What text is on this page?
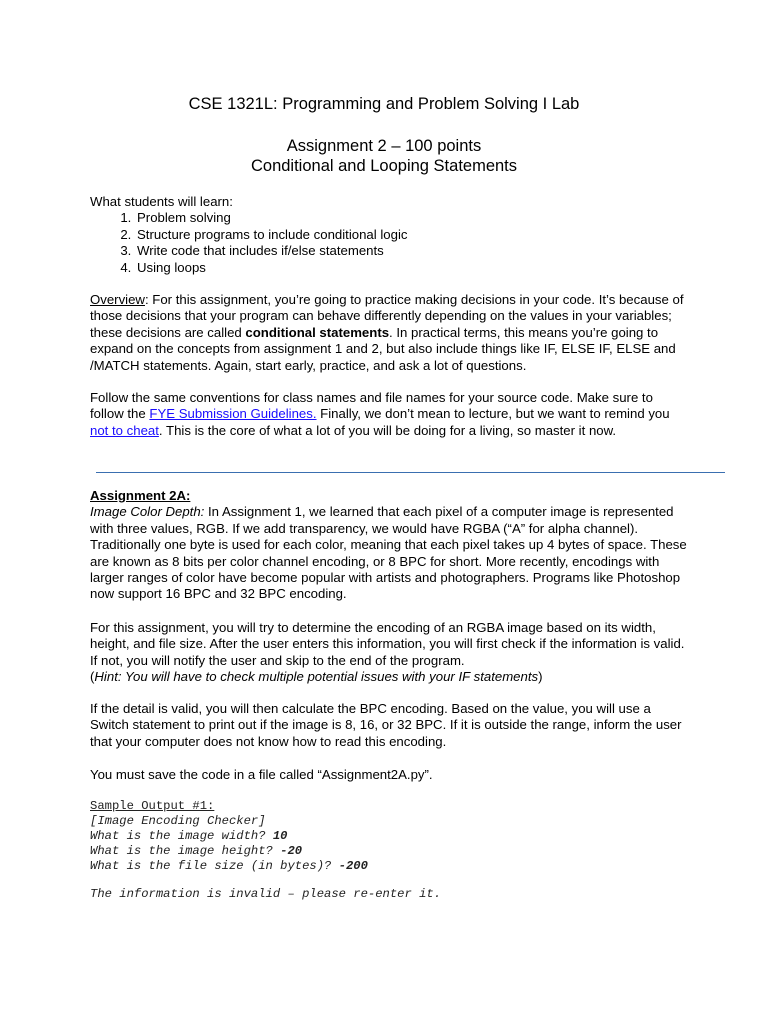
CSE 1321L: Programming and Problem Solving I Lab
Assignment 2 – 100 points
Conditional and Looping Statements
What students will learn:
1. Problem solving
2. Structure programs to include conditional logic
3. Write code that includes if/else statements
4. Using loops
Overview: For this assignment, you’re going to practice making decisions in your code. It’s because of those decisions that your program can behave differently depending on the values in your variables; these decisions are called conditional statements. In practical terms, this means you’re going to expand on the concepts from assignment 1 and 2, but also include things like IF, ELSE IF, ELSE and /MATCH statements. Again, start early, practice, and ask a lot of questions.
Follow the same conventions for class names and file names for your source code. Make sure to follow the FYE Submission Guidelines. Finally, we don’t mean to lecture, but we want to remind you not to cheat. This is the core of what a lot of you will be doing for a living, so master it now.
Assignment 2A:
Image Color Depth: In Assignment 1, we learned that each pixel of a computer image is represented with three values, RGB. If we add transparency, we would have RGBA (“A” for alpha channel). Traditionally one byte is used for each color, meaning that each pixel takes up 4 bytes of space. These are known as 8 bits per color channel encoding, or 8 BPC for short. More recently, encodings with larger ranges of color have become popular with artists and photographers. Programs like Photoshop now support 16 BPC and 32 BPC encoding.
For this assignment, you will try to determine the encoding of an RGBA image based on its width, height, and file size. After the user enters this information, you will first check if the information is valid. If not, you will notify the user and skip to the end of the program.
(Hint: You will have to check multiple potential issues with your IF statements)
If the detail is valid, you will then calculate the BPC encoding. Based on the value, you will use a Switch statement to print out if the image is 8, 16, or 32 BPC. If it is outside the range, inform the user that your computer does not know how to read this encoding.
You must save the code in a file called “Assignment2A.py”.
Sample Output #1:
[Image Encoding Checker]
What is the image width? 10
What is the image height? -20
What is the file size (in bytes)? -200
The information is invalid – please re-enter it.
